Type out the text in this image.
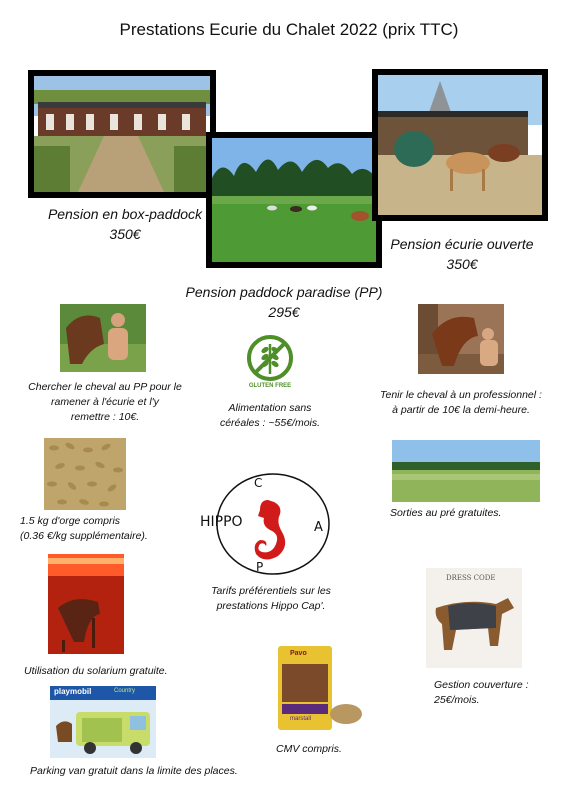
Prestations Ecurie du Chalet 2022 (prix TTC)
Pension en box-paddock
350€
Pension paddock paradise (PP)
295€
Pension écurie ouverte
350€
Chercher le cheval au PP pour le
ramener à l'écurie et l'y
remettre : 10€.
GLUTEN FREE
Alimentation sans
céréales : ~55€/mois.
Tenir le cheval à un professionnel :
à partir de 10€ la demi-heure.
1.5 kg d'orge compris
(0.36 €/kg supplémentaire).
C
HIPPO	A
P
Tarifs préférentiels sur les
prestations Hippo Cap'.
Sorties au pré gratuites.
Utilisation du solarium gratuite.
DRESS CODE
Gestion couverture :
25€/mois.
Pavo
marstall
CMV compris.
playmobil	Country
Parking van gratuit dans la limite des places.
